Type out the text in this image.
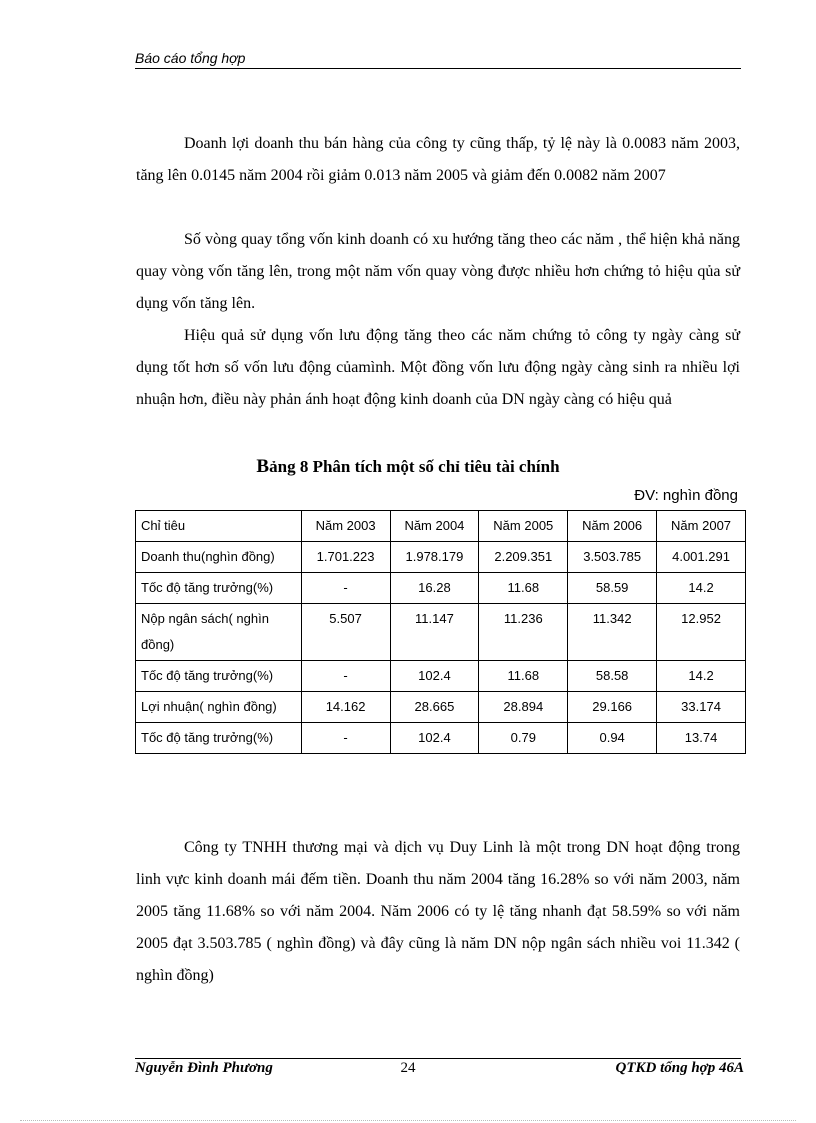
Báo cáo tổng hợp

Doanh lợi doanh thu bán hàng của công ty cũng thấp, tỷ lệ này là 0.0083 năm 2003, tăng lên 0.0145 năm 2004 rồi giảm 0.013 năm 2005 và giảm đến 0.0082 năm 2007

Số vòng quay tổng vốn kinh doanh có xu hướng tăng theo các năm , thể hiện khả năng quay vòng vốn tăng lên, trong một năm vốn quay vòng được nhiều hơn chứng tỏ hiệu qủa sử dụng vốn tăng lên.

Hiệu quả sử dụng vốn lưu động tăng theo các năm chứng tỏ công ty ngày càng sử dụng tốt hơn số vốn lưu động củamình. Một đồng vốn lưu động ngày càng sinh ra nhiều lợi nhuận hơn, điều này phản ánh hoạt động kinh doanh của DN ngày càng có hiệu quả

Bảng 8 Phân tích một số chỉ tiêu tài chính
ĐV: nghìn đồng
Chỉ tiêu	Năm 2003	Năm 2004	Năm 2005	Năm 2006	Năm 2007
Doanh thu(nghìn đồng)	1.701.223	1.978.179	2.209.351	3.503.785	4.001.291
Tốc độ tăng trưởng(%)	-	16.28	11.68	58.59	14.2
Nộp ngân sách( nghìn đồng)	5.507	11.147	11.236	11.342	12.952
Tốc độ tăng trưởng(%)	-	102.4	11.68	58.58	14.2
Lợi nhuận( nghìn đồng)	14.162	28.665	28.894	29.166	33.174
Tốc độ tăng trưởng(%)	-	102.4	0.79	0.94	13.74

Công ty TNHH thương mại và dịch vụ Duy Linh là một trong DN hoạt động trong linh vực kinh doanh mái đếm tiền. Doanh thu năm 2004 tăng 16.28% so với năm 2003, năm 2005 tăng 11.68% so với năm 2004. Năm 2006 có ty lệ tăng nhanh đạt 58.59% so với năm 2005 đạt 3.503.785 ( nghìn đồng) và đây cũng là năm DN nộp ngân sách nhiều voi 11.342 ( nghìn đồng)

Nguyễn Đình Phương	24	QTKD tổng hợp 46A
